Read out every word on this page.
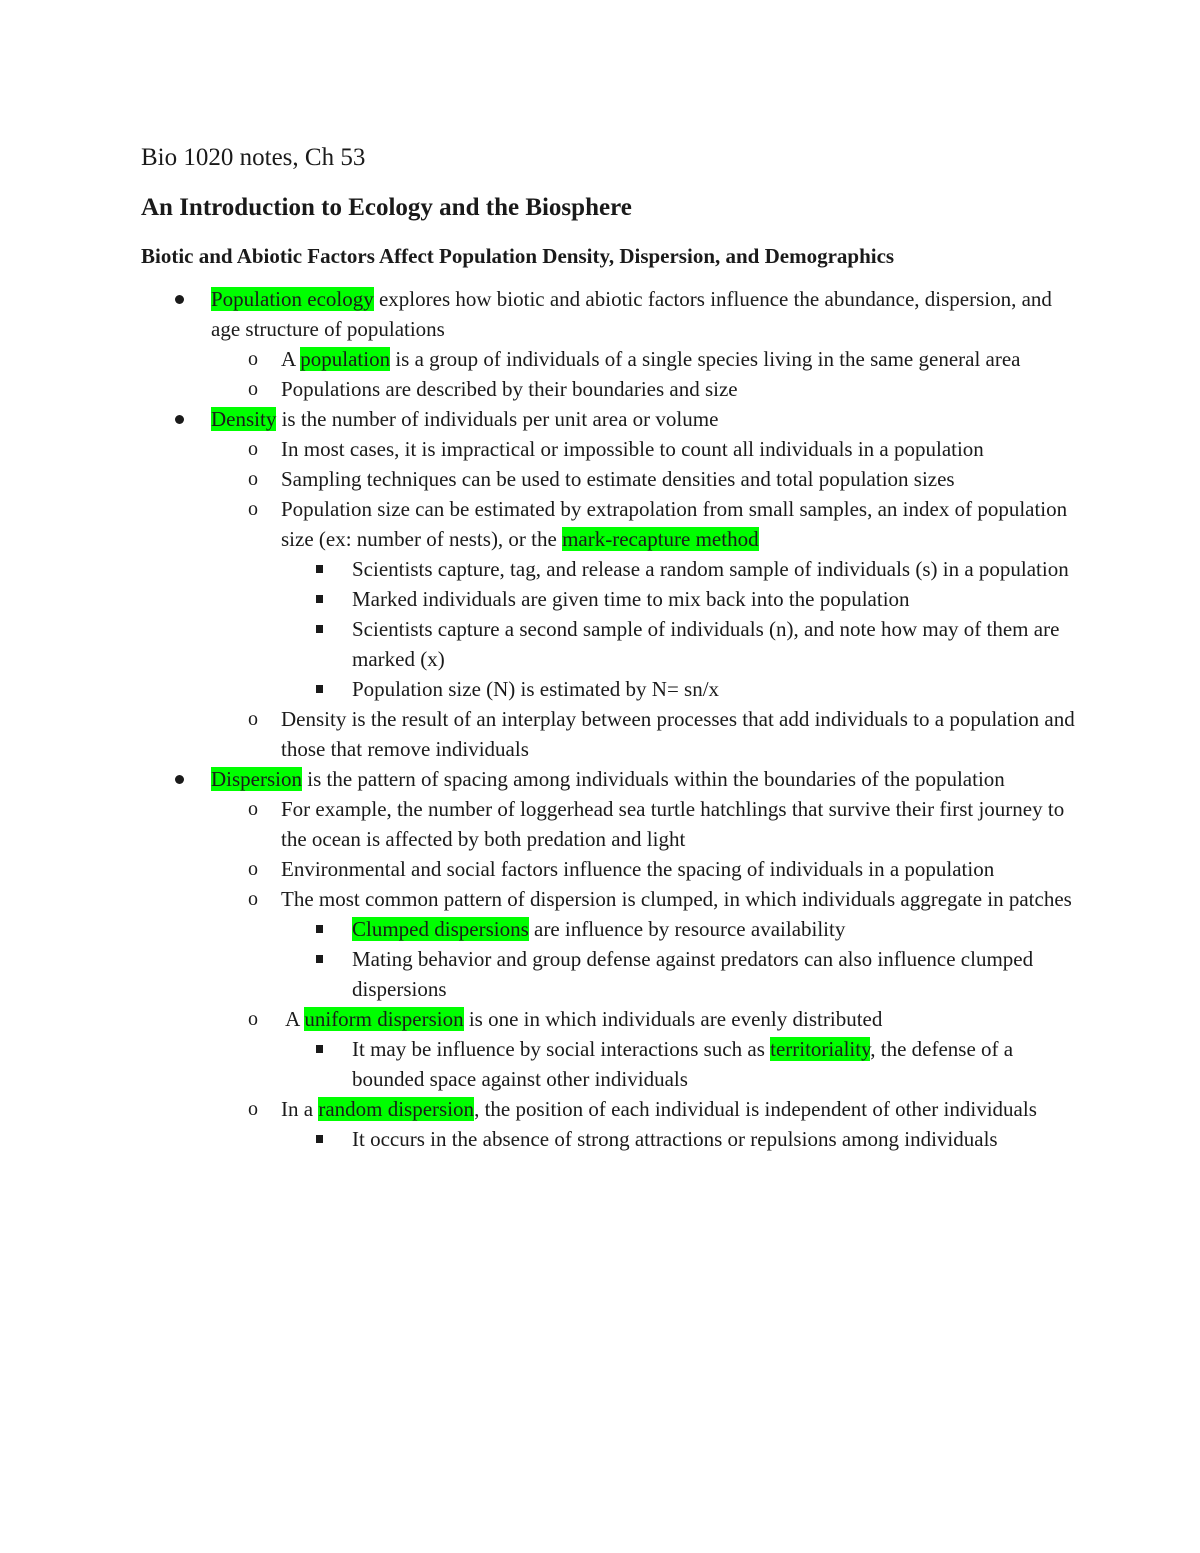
Bio 1020 notes, Ch 53
An Introduction to Ecology and the Biosphere
Biotic and Abiotic Factors Affect Population Density, Dispersion, and Demographics
Population ecology explores how biotic and abiotic factors influence the abundance, dispersion, and age structure of populations
o A population is a group of individuals of a single species living in the same general area
o Populations are described by their boundaries and size
Density is the number of individuals per unit area or volume
o In most cases, it is impractical or impossible to count all individuals in a population
o Sampling techniques can be used to estimate densities and total population sizes
o Population size can be estimated by extrapolation from small samples, an index of population size (ex: number of nests), or the mark-recapture method
Scientists capture, tag, and release a random sample of individuals (s) in a population
Marked individuals are given time to mix back into the population
Scientists capture a second sample of individuals (n), and note how may of them are marked (x)
Population size (N) is estimated by N= sn/x
o Density is the result of an interplay between processes that add individuals to a population and those that remove individuals
Dispersion is the pattern of spacing among individuals within the boundaries of the population
o For example, the number of loggerhead sea turtle hatchlings that survive their first journey to the ocean is affected by both predation and light
o Environmental and social factors influence the spacing of individuals in a population
o The most common pattern of dispersion is clumped, in which individuals aggregate in patches
Clumped dispersions are influence by resource availability
Mating behavior and group defense against predators can also influence clumped dispersions
o A uniform dispersion is one in which individuals are evenly distributed
It may be influence by social interactions such as territoriality, the defense of a bounded space against other individuals
o In a random dispersion, the position of each individual is independent of other individuals
It occurs in the absence of strong attractions or repulsions among individuals
